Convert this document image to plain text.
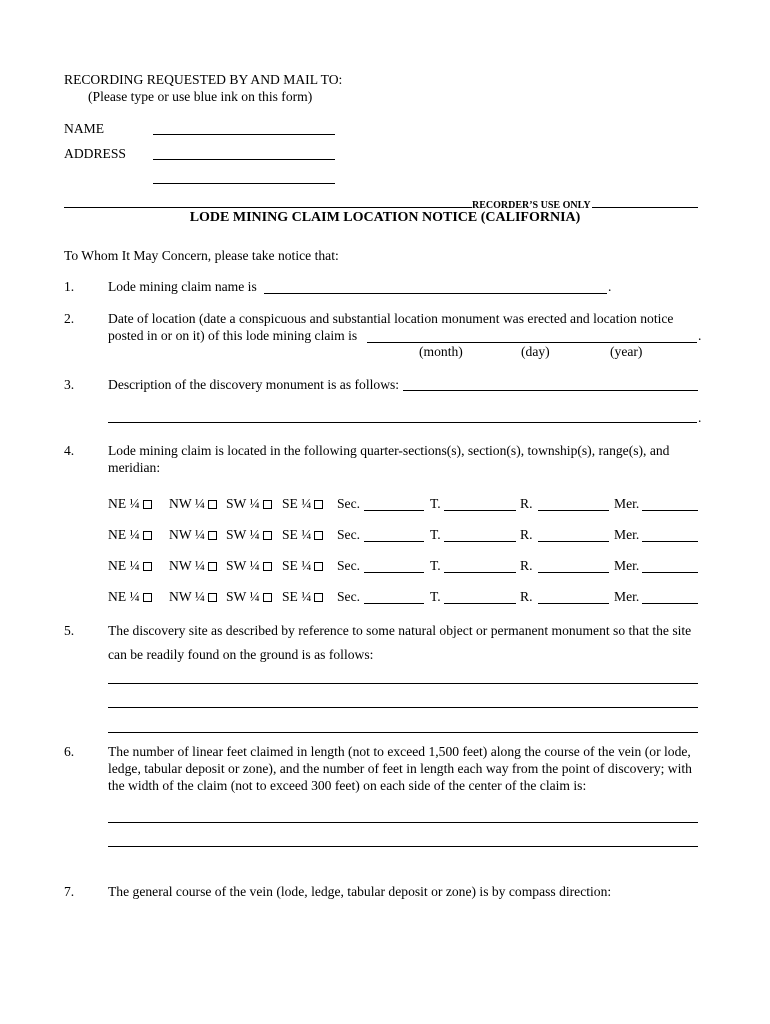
RECORDING REQUESTED BY AND MAIL TO:
(Please type or use blue ink on this form)
NAME
ADDRESS
RECORDER’S USE ONLY
LODE MINING CLAIM LOCATION NOTICE (CALIFORNIA)
To Whom It May Concern, please take notice that:
1. Lode mining claim name is	.
2. Date of location (date a conspicuous and substantial location monument was erected and location notice
posted in or on it) of this lode mining claim is	.
(month)	(day)	(year)
3. Description of the discovery monument is as follows:
.
4. Lode mining claim is located in the following quarter-sections(s), section(s), township(s), range(s), and
meridian:
NE ¼	NW ¼	SW ¼	SE ¼	Sec.	T.	R.	Mer.
NE ¼	NW ¼	SW ¼	SE ¼	Sec.	T.	R.	Mer.
NE ¼	NW ¼	SW ¼	SE ¼	Sec.	T.	R.	Mer.
NE ¼	NW ¼	SW ¼	SE ¼	Sec.	T.	R.	Mer.
5. The discovery site as described by reference to some natural object or permanent monument so that the site
can be readily found on the ground is as follows:
6. The number of linear feet claimed in length (not to exceed 1,500 feet) along the course of the vein (or lode,
ledge, tabular deposit or zone), and the number of feet in length each way from the point of discovery; with
the width of the claim (not to exceed 300 feet) on each side of the center of the claim is:
7. The general course of the vein (lode, ledge, tabular deposit or zone) is by compass direction:
